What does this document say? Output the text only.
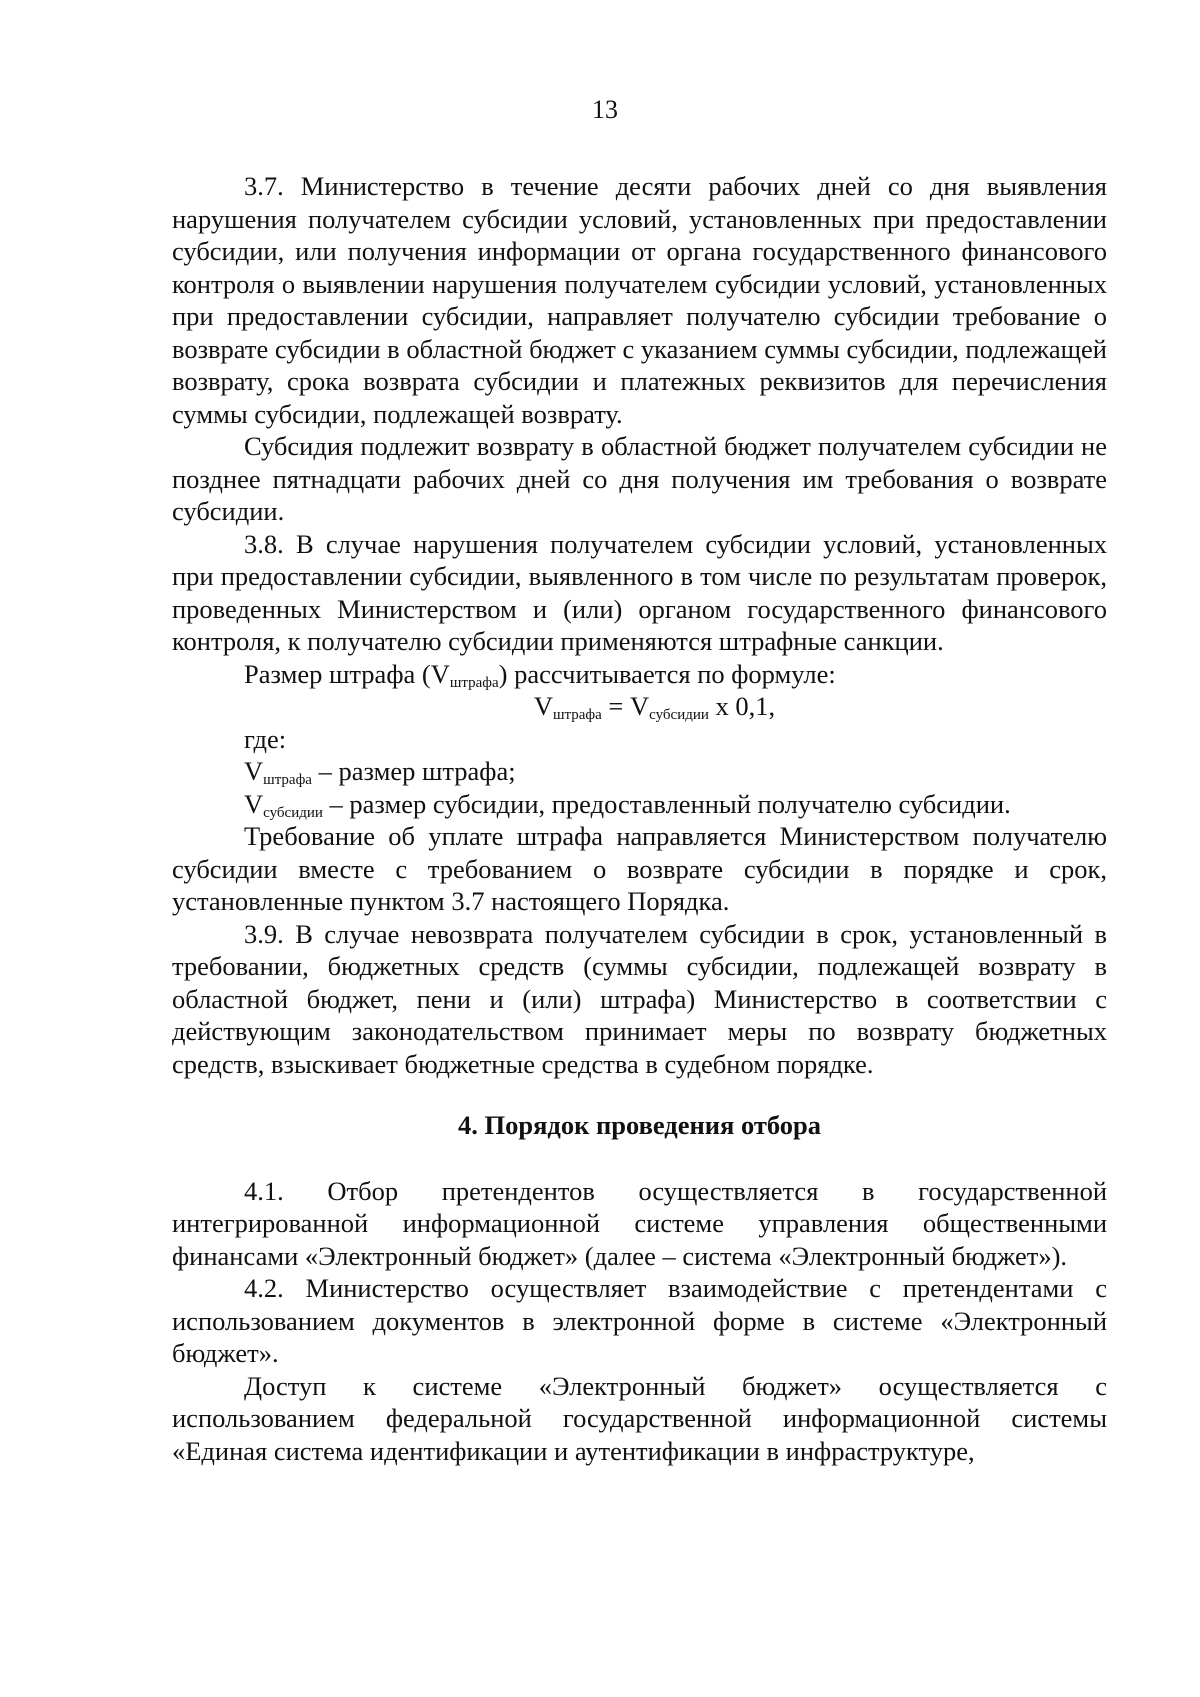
13

3.7. Министерство в течение десяти рабочих дней со дня выявления нарушения получателем субсидии условий, установленных при предоставлении субсидии, или получения информации от органа государственного финансового контроля о выявлении нарушения получателем субсидии условий, установленных при предоставлении субсидии, направляет получателю субсидии требование о возврате субсидии в областной бюджет с указанием суммы субсидии, подлежащей возврату, срока возврата субсидии и платежных реквизитов для перечисления суммы субсидии, подлежащей возврату.

Субсидия подлежит возврату в областной бюджет получателем субсидии не позднее пятнадцати рабочих дней со дня получения им требования о возврате субсидии.

3.8. В случае нарушения получателем субсидии условий, установленных при предоставлении субсидии, выявленного в том числе по результатам проверок, проведенных Министерством и (или) органом государственного финансового контроля, к получателю субсидии применяются штрафные санкции.

Размер штрафа $(V_{штрафа})$ рассчитывается по формуле:

$V_{штрафа} = V_{субсидии}$ х 0,1,

где:

$V_{штрафа}$ – размер штрафа;

$V_{субсидии}$ – размер субсидии, предоставленный получателю субсидии.

Требование об уплате штрафа направляется Министерством получателю субсидии вместе с требованием о возврате субсидии в порядке и срок, установленные пунктом 3.7 настоящего Порядка.

3.9. В случае невозврата получателем субсидии в срок, установленный в требовании, бюджетных средств (суммы субсидии, подлежащей возврату в областной бюджет, пени и (или) штрафа) Министерство в соответствии с действующим законодательством принимает меры по возврату бюджетных средств, взыскивает бюджетные средства в судебном порядке.

4. Порядок проведения отбора

4.1. Отбор претендентов осуществляется в государственной интегрированной информационной системе управления общественными финансами «Электронный бюджет» (далее – система «Электронный бюджет»).

4.2. Министерство осуществляет взаимодействие с претендентами с использованием документов в электронной форме в системе «Электронный бюджет».

Доступ к системе «Электронный бюджет» осуществляется с использованием федеральной государственной информационной системы «Единая система идентификации и аутентификации в инфраструктуре,
